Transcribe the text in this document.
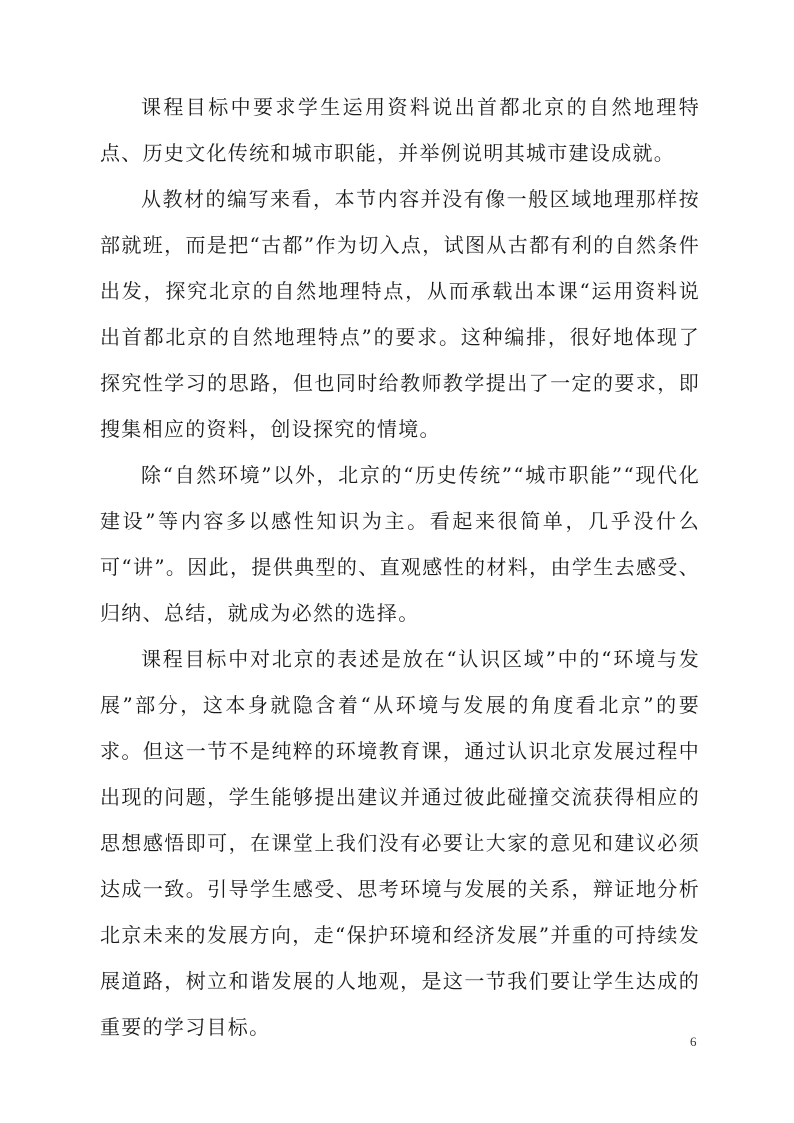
课程目标中要求学生运用资料说出首都北京的自然地理特点、历史文化传统和城市职能，并举例说明其城市建设成就。

从教材的编写来看，本节内容并没有像一般区域地理那样按部就班，而是把“古都”作为切入点，试图从古都有利的自然条件出发，探究北京的自然地理特点，从而承载出本课“运用资料说出首都北京的自然地理特点”的要求。这种编排，很好地体现了探究性学习的思路，但也同时给教师教学提出了一定的要求，即搜集相应的资料，创设探究的情境。

除“自然环境”以外，北京的“历史传统”“城市职能”“现代化建设”等内容多以感性知识为主。看起来很简单，几乎没什么可“讲”。因此，提供典型的、直观感性的材料，由学生去感受、归纳、总结，就成为必然的选择。

课程目标中对北京的表述是放在“认识区域”中的“环境与发展”部分，这本身就隐含着“从环境与发展的角度看北京”的要求。但这一节不是纯粹的环境教育课，通过认识北京发展过程中出现的问题，学生能够提出建议并通过彼此碰撞交流获得相应的思想感悟即可，在课堂上我们没有必要让大家的意见和建议必须达成一致。引导学生感受、思考环境与发展的关系，辩证地分析北京未来的发展方向，走“保护环境和经济发展”并重的可持续发展道路，树立和谐发展的人地观，是这一节我们要让学生达成的重要的学习目标。

6
